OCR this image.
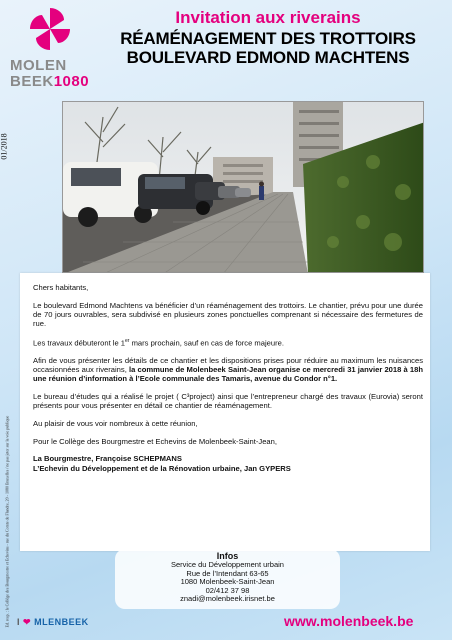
MOLEN
BEEK1080
01/2018
Ed. resp. : le Collège des Bourgmestre et Echevins - rue du Comte de Flandre, 20 - 1080 Bruxelles / ne pas jeter sur la voie publique
Invitation aux riverains
RÉAMÉNAGEMENT DES TROTTOIRS
BOULEVARD EDMOND MACHTENS

Chers habitants,

Le boulevard Edmond Machtens va bénéficier d’un réaménagement des trottoirs. Le chantier, prévu pour une durée de 70 jours ouvrables, sera subdivisé en plusieurs zones ponctuelles comprenant si nécessaire des fermetures de rue.

Les travaux débuteront le 1er mars prochain, sauf en cas de force majeure.

Afin de vous présenter les détails de ce chantier et les dispositions prises pour réduire au maximum les nuisances occasionnées aux riverains, la commune de Molenbeek Saint-Jean organise ce mercredi 31 janvier 2018 à 18h une réunion d’information à l’Ecole communale des Tamaris, avenue du Condor n°1.

Le bureau d’études qui a réalisé le projet ( C³project) ainsi que l’entrepreneur chargé des travaux (Eurovia) seront présents pour vous présenter en détail ce chantier de réaménagement.

Au plaisir de vous voir nombreux à cette réunion,

Pour le Collège des Bourgmestre et Echevins de Molenbeek-Saint-Jean,

La Bourgmestre, Françoise SCHEPMANS

L’Echevin du Développement et de la Rénovation urbaine, Jan GYPERS

Infos
Service du Développement urbain
Rue de l’Intendant 63-65
1080 Molenbeek-Saint-Jean
02/412 37 98
znadi@molenbeek.irisnet.be
I ❤ MLENBEEK	www.molenbeek.be
